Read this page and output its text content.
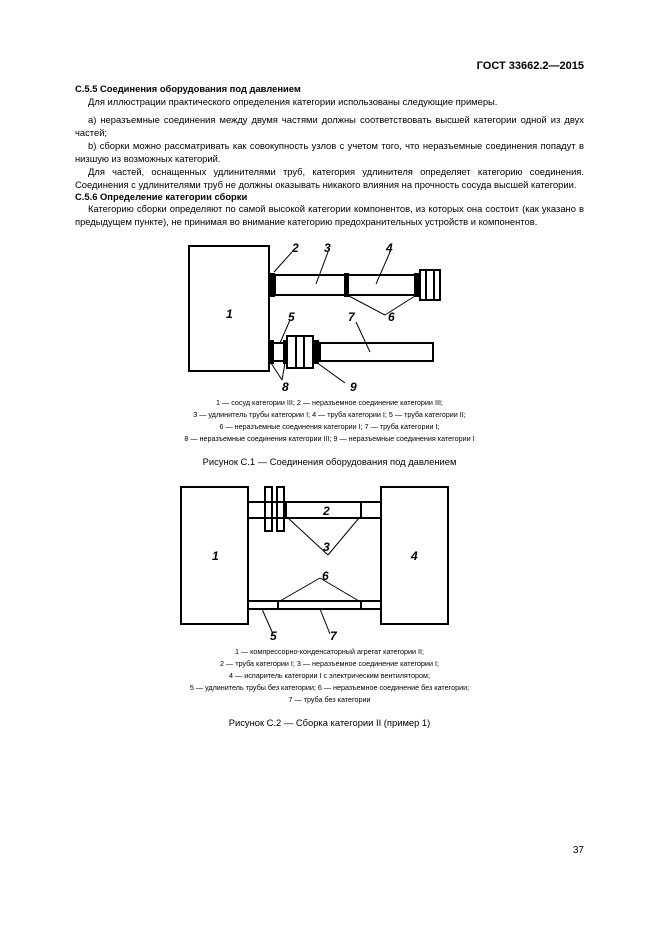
ГОСТ 33662.2—2015
С.5.5 Соединения оборудования под давлением
Для иллюстрации практического определения категории использованы следующие примеры.
а) неразъемные соединения между двумя частями должны соответствовать высшей категории одной из двух частей;
b) сборки можно рассматривать как совокупность узлов с учетом того, что неразъемные соединения попадут в низшую из возможных категорий.
Для частей, оснащенных удлинителями труб, категория удлинителя определяет категорию соединения. Соединения с удлинителями труб не должны оказывать никакого влияния на прочность сосуда высшей категории.
С.5.6 Определение категории сборки
Категорию сборки определяют по самой высокой категории компонентов, из которых она состоит (как указано в предыдущем пункте), не принимая во внимание категорию предохранительных устройств и компонентов.
1
2 3	4
5	6
7
8	9
1 — сосуд категории III; 2 — неразъемное соединение категории III;
3 — удлинитель трубы категории I; 4 — труба категории I; 5 — труба категории II;
6 — неразъемные соединения категории I; 7 — труба категории I;
8 — неразъемные соединения категории III; 9 — неразъемные соединения категории I
Рисунок С.1 — Соединения оборудования под давлением
1
2
3
4
5
6
7
1 — компрессорно-конденсаторный агрегат категории II;
2 — труба категории I; 3 — неразъемное соединение категории I;
4 — испаритель категории I с электрическим вентилятором;
5 — удлинитель трубы без категории; 6 — неразъемное соединение без категории;
7 — труба без категории
Рисунок С.2 — Сборка категории II (пример 1)
37
